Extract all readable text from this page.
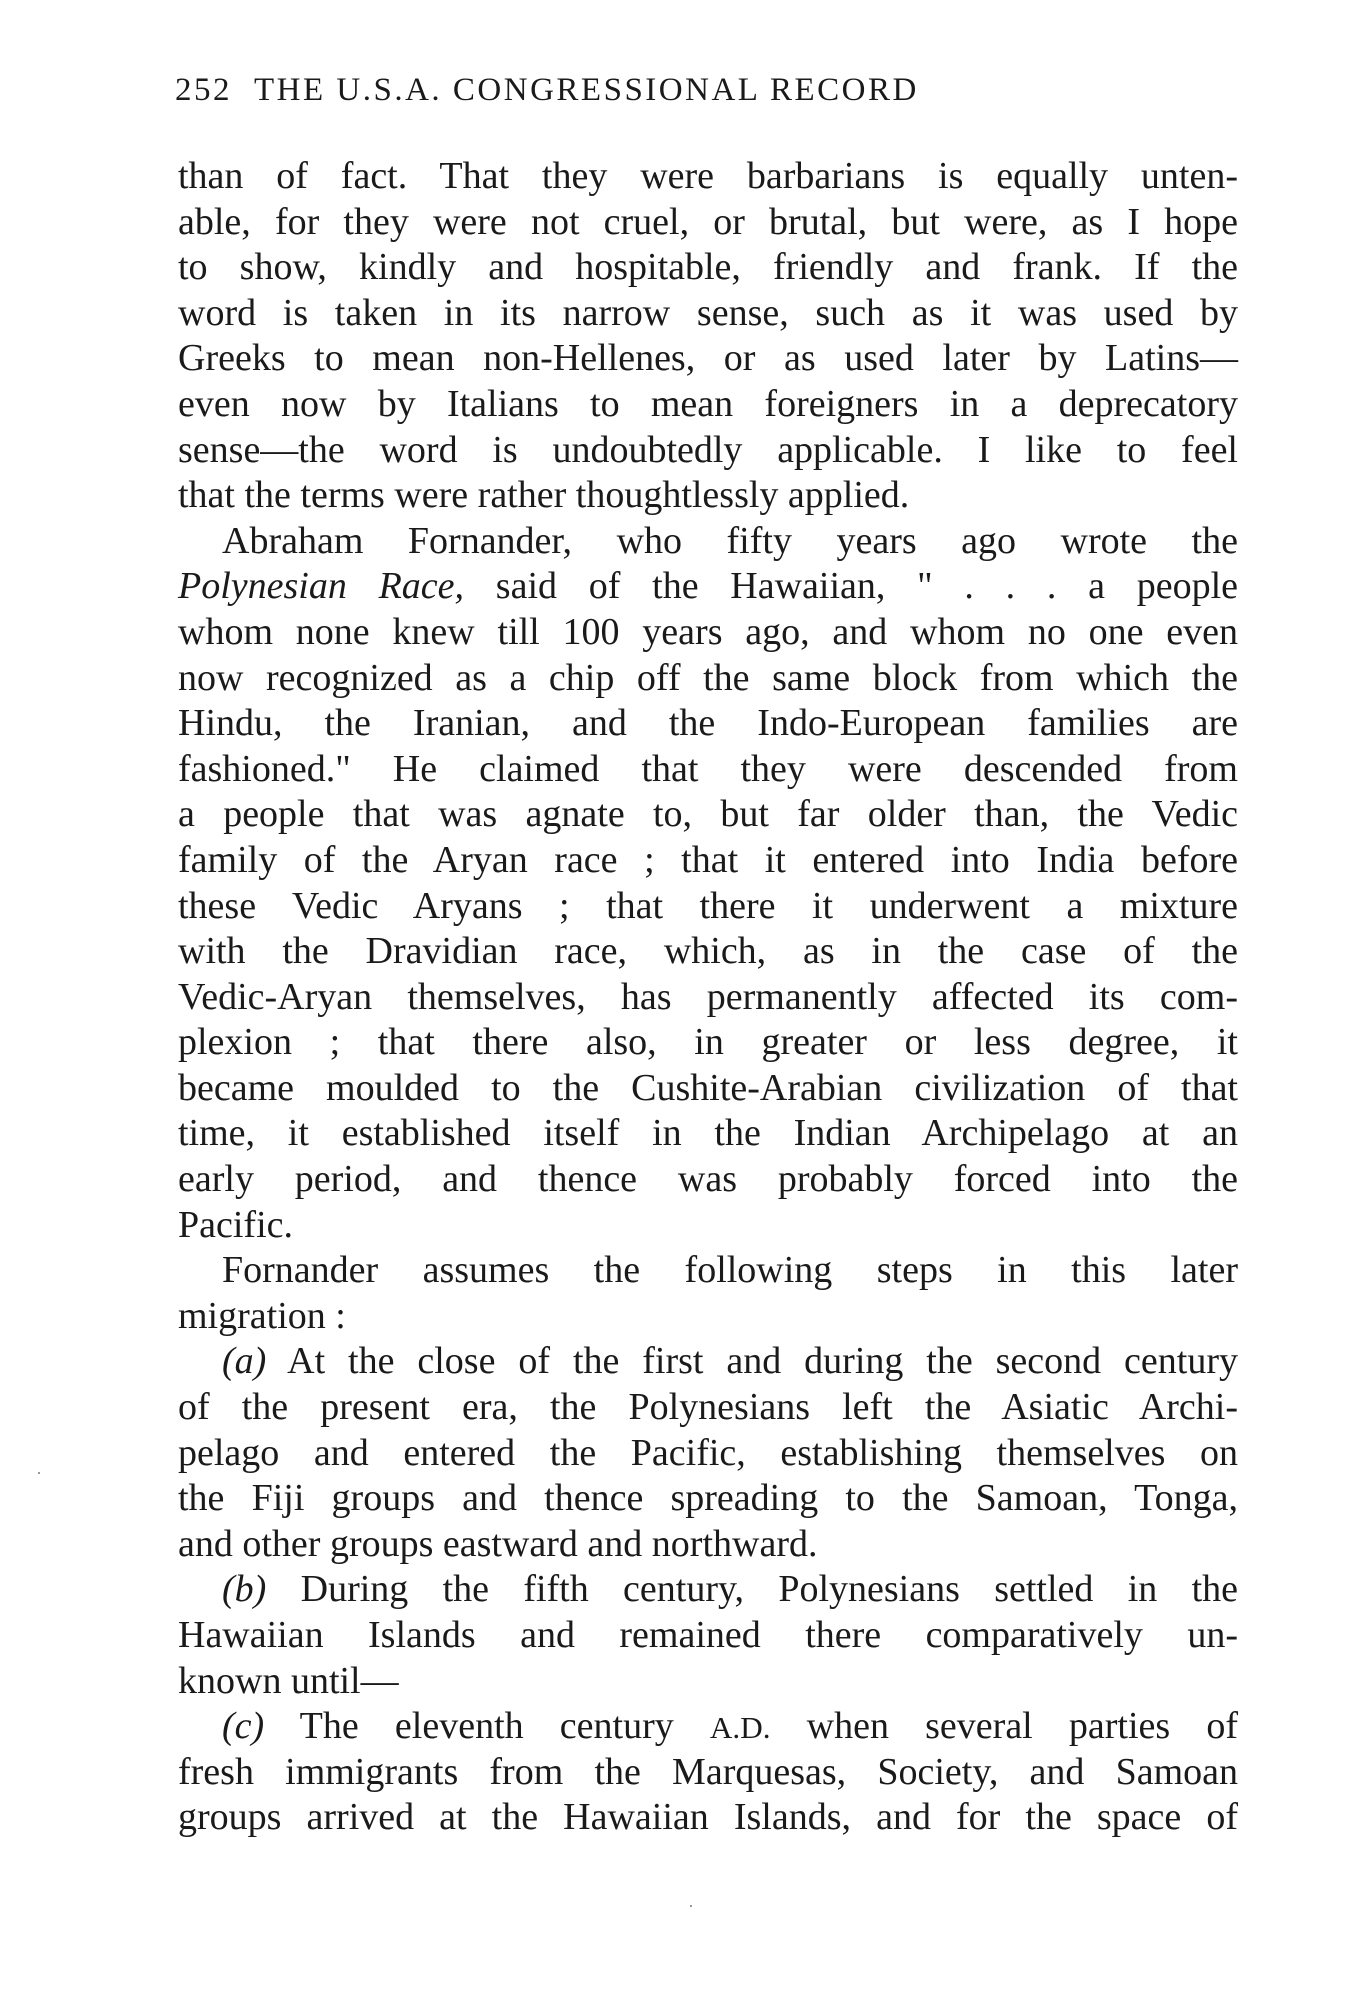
252 THE U.S.A. CONGRESSIONAL RECORD
than of fact. That they were barbarians is equally unten-
able, for they were not cruel, or brutal, but were, as I hope
to show, kindly and hospitable, friendly and frank. If the
word is taken in its narrow sense, such as it was used by
Greeks to mean non-Hellenes, or as used later by Latins—
even now by Italians to mean foreigners in a deprecatory
sense—the word is undoubtedly applicable. I like to feel
that the terms were rather thoughtlessly applied.
Abraham Fornander, who fifty years ago wrote the
Polynesian Race, said of the Hawaiian, " . . . a people
whom none knew till 100 years ago, and whom no one even
now recognized as a chip off the same block from which the
Hindu, the Iranian, and the Indo-European families are
fashioned." He claimed that they were descended from
a people that was agnate to, but far older than, the Vedic
family of the Aryan race ; that it entered into India before
these Vedic Aryans ; that there it underwent a mixture
with the Dravidian race, which, as in the case of the
Vedic-Aryan themselves, has permanently affected its com-
plexion ; that there also, in greater or less degree, it
became moulded to the Cushite-Arabian civilization of that
time, it established itself in the Indian Archipelago at an
early period, and thence was probably forced into the
Pacific.
Fornander assumes the following steps in this later
migration :
(a) At the close of the first and during the second century
of the present era, the Polynesians left the Asiatic Archi-
pelago and entered the Pacific, establishing themselves on
the Fiji groups and thence spreading to the Samoan, Tonga,
and other groups eastward and northward.
(b) During the fifth century, Polynesians settled in the
Hawaiian Islands and remained there comparatively un-
known until—
(c) The eleventh century A.D. when several parties of
fresh immigrants from the Marquesas, Society, and Samoan
groups arrived at the Hawaiian Islands, and for the space of
